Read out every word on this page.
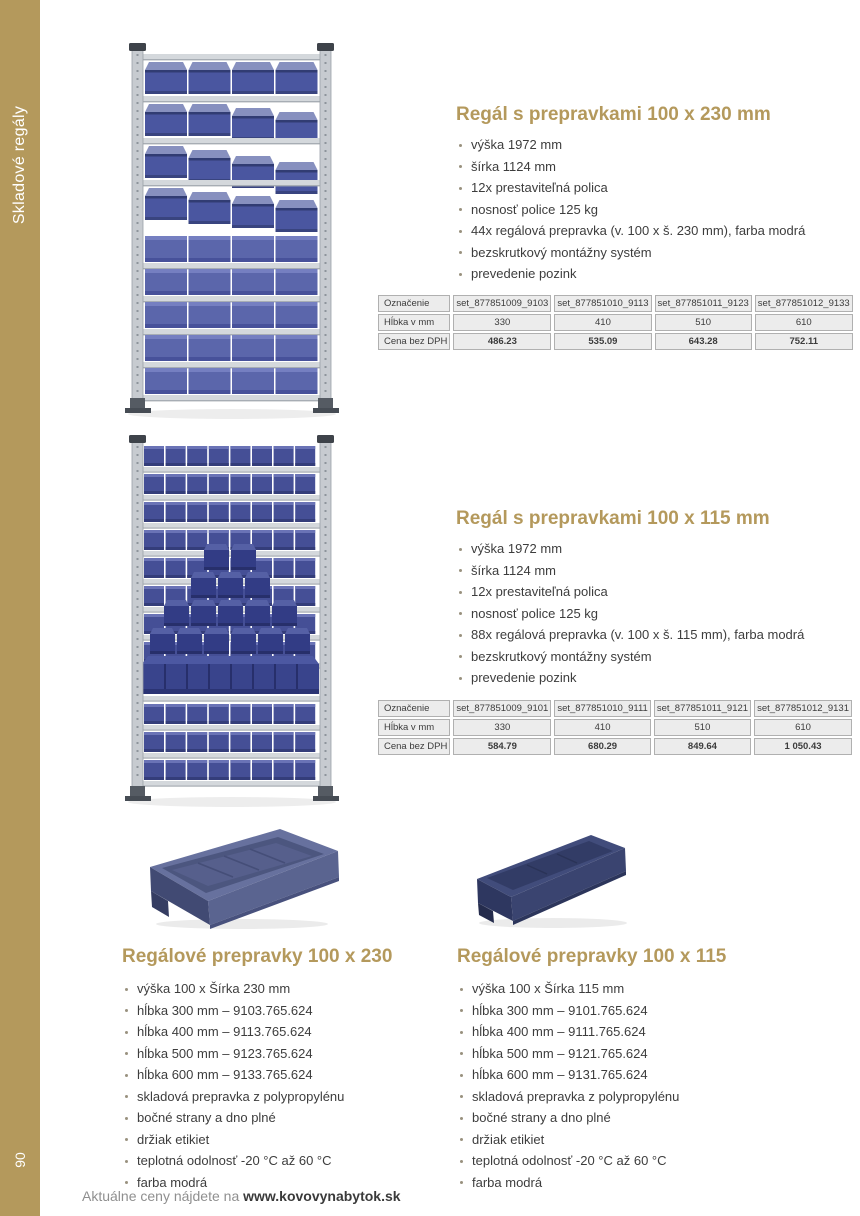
Skladové regály
90
Regál s prepravkami 100 x 230 mm
výška 1972 mm
šírka 1124 mm
12x prestaviteľná polica
nosnosť police 125 kg
44x regálová prepravka (v. 100 x š. 230 mm), farba modrá
bezskrutkový montážny systém
prevedenie pozink
Označenie	set_877851009_9103	set_877851010_9113	set_877851011_9123	set_877851012_9133
Hĺbka v mm	330	410	510	610
Cena bez DPH	486.23	535.09	643.28	752.11
Regál s prepravkami 100 x 115 mm
výška 1972 mm
šírka 1124 mm
12x prestaviteľná polica
nosnosť police 125 kg
88x regálová prepravka (v. 100 x š. 115 mm), farba modrá
bezskrutkový montážny systém
prevedenie pozink
Označenie	set_877851009_9101	set_877851010_9111	set_877851011_9121	set_877851012_9131
Hĺbka v mm	330	410	510	610
Cena bez DPH	584.79	680.29	849.64	1 050.43
Regálové prepravky 100 x 230
výška 100 x Šírka 230 mm
hĺbka 300 mm – 9103.765.624
hĺbka 400 mm – 9113.765.624
hĺbka 500 mm – 9123.765.624
hĺbka 600 mm – 9133.765.624
skladová prepravka z polypropylénu
bočné strany a dno plné
držiak etikiet
teplotná odolnosť -20 °C až 60 °C
farba modrá
Regálové prepravky 100 x 115
výška 100 x Šírka 115 mm
hĺbka 300 mm – 9101.765.624
hĺbka 400 mm – 9111.765.624
hĺbka 500 mm – 9121.765.624
hĺbka 600 mm – 9131.765.624
skladová prepravka z polypropylénu
bočné strany a dno plné
držiak etikiet
teplotná odolnosť -20 °C až 60 °C
farba modrá

Aktuálne ceny nájdete na www.kovovynabytok.sk
